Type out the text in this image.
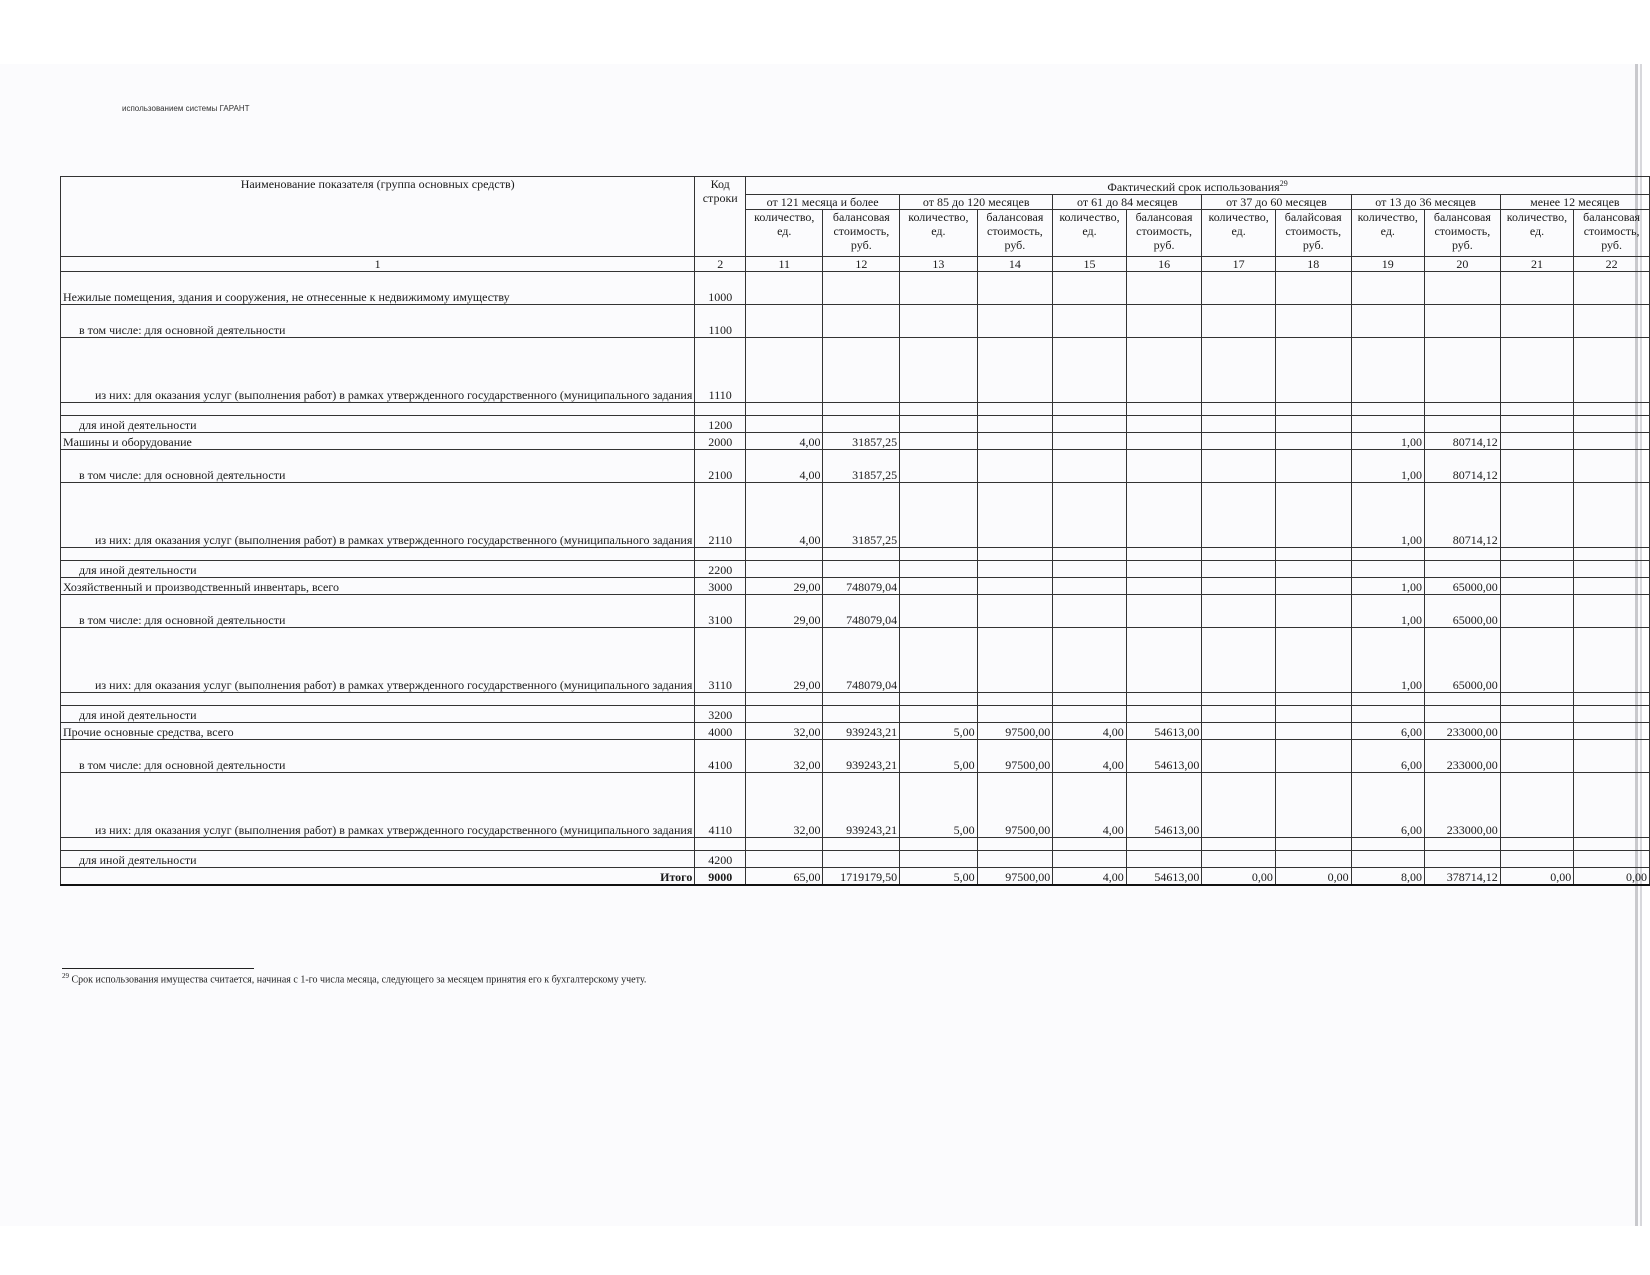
использованием системы ГАРАНТ
Наименование показателя (группа основных средств)	Код строки	Фактический срок использования$^{29}$
		от 121 месяца и более		от 85 до 120 месяцев		от 61 до 84 месяцев		от 37 до 60 месяцев		от 13 до 36 месяцев		менее 12 месяцев	
		количество, ед.	балансовая стоимость, руб.	количество, ед.	балансовая стоимость, руб.	количество, ед.	балансовая стоимость, руб.	количество, ед.	балайсовая стоимость, руб.	количество, ед.	балансовая стоимость, руб.	количество, ед.	балансовая стоимость, руб.
1	2	11	12	13	14	15	16	17	18	19	20	21	22
Нежилые помещения, здания и сооружения, не отнесенные к недвижимому имуществу	1000												
в том числе: для основной деятельности	1100												
из них: для оказания услуг (выполнения работ) в рамках утвержденного государственного (муниципального задания	1110												

для иной деятельности	1200												
Машины и оборудование	2000	4,00	31857,25							1,00	80714,12		
в том числе: для основной деятельности	2100	4,00	31857,25							1,00	80714,12		
из них: для оказания услуг (выполнения работ) в рамках утвержденного государственного (муниципального задания	2110	4,00	31857,25							1,00	80714,12		

для иной деятельности	2200												
Хозяйственный и производственный инвентарь, всего	3000	29,00	748079,04							1,00	65000,00		
в том числе: для основной деятельности	3100	29,00	748079,04							1,00	65000,00		
из них: для оказания услуг (выполнения работ) в рамках утвержденного государственного (муниципального задания	3110	29,00	748079,04							1,00	65000,00		

для иной деятельности	3200												
Прочие основные средства, всего	4000	32,00	939243,21	5,00	97500,00	4,00	54613,00			6,00	233000,00		
в том числе: для основной деятельности	4100	32,00	939243,21	5,00	97500,00	4,00	54613,00			6,00	233000,00		
из них: для оказания услуг (выполнения работ) в рамках утвержденного государственного (муниципального задания	4110	32,00	939243,21	5,00	97500,00	4,00	54613,00			6,00	233000,00		

для иной деятельности	4200												
Итого	9000	65,00	1719179,50	5,00	97500,00	4,00	54613,00	0,00	0,00	8,00	378714,12	0,00	0,00
$^{29}$ Срок использования имущества считается, начиная с 1-го числа месяца, следующего за месяцем принятия его к бухгалтерскому учету.
